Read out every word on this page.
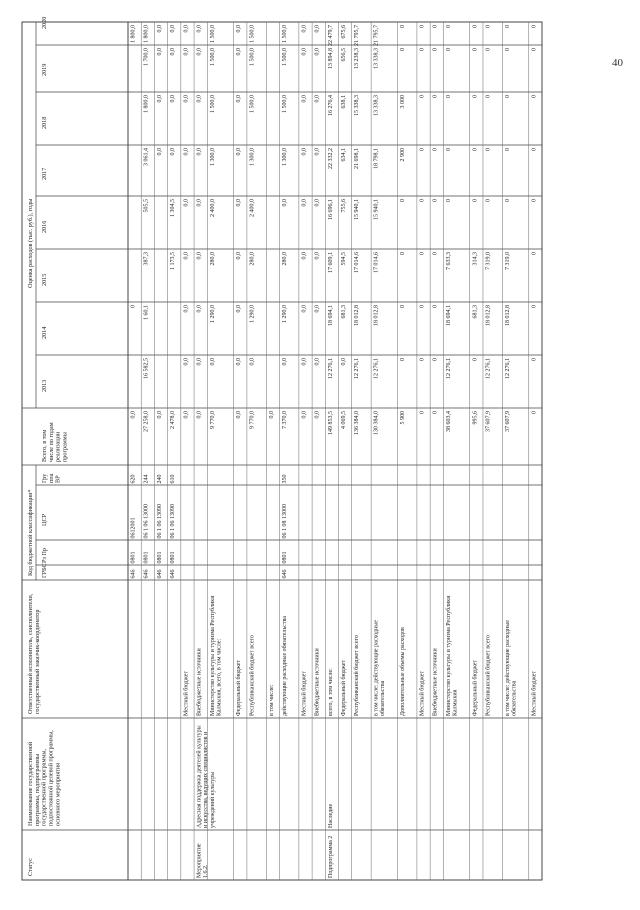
40
Статус
Наименование государственнойпрограммы, подпрограммыгосударственной программы,подпостоянной целевой программы,основного мероприятия
Ответственный исполнитель, соисполнители,государственный заказчик-координатор
Код бюджетной классификации* ГРБС
Рз Пр
ЦСР
ГруппаВР
Всего, в томчисле по годамреализациипрограммы
Оценка расходов (тыс. руб.), годы
2013
2014
2015
2016
2017
2018
2019
2020
646
0801
0612001
620
0,0
0
1 800,0
646
0801
06 1 06 13000
244
27 258,0
16 582,5
1 60,1
387,3
505,5
3 061,4
1 800,0
1 700,0
1 800,0
646
0801
06 1 06 13090
240
0,0
0,0
0,0
0,0
0,0
646
0801
06 1 06 13090
610
2 478,0
1 173,5
1 304,5
0,0
0,0
0,0
0,0
Местный бюджет
0,0
0,0
0,0
0,0
0,0
0,0
0,0
0,0
0,0
Мероприятие1.6.2.
Адресная поддержка деятелей культурыи искусства, ведущих специалистов иучреждений культуры
Внебюджетные источники
0,0
0,0
0,0
0,0
0,0
0,0
0,0
0,0
0,0
Министерство культуры и туризма РеспубликиКалмыкия, всего, в том числе:
9 770,0
0,0
1 290,0
280,0
2 400,0
1 300,0
1 500,0
1 500,0
1 500,0
Федеральный бюджет
0,0
0,0
0,0
0,0
0,0
0,0
0,0
0,0
0,0
Республиканский бюджет всего
9 770,0
0,0
1 290,0
280,0
2 400,0
1 300,0
1 500,0
1 500,0
1 500,0
в том числе:
0,0
действующие расходные обязательства
646
0801
06 1 08 13000
350
7 370,0
0,0
1 290,0
280,0
0,0
1 300,0
1 500,0
1 500,0
1 500,0
Местный бюджет
0,0
0,0
0,0
0,0
0,0
0,0
0,0
0,0
0,0
Внебюджетные источники
0,0
0,0
0,0
0,0
0,0
0,0
0,0
0,0
0,0
Подпрограмма 2
Наследие
всего, в том числе:
149 853,5
12 276,1
18 694,1
17 609,1
16 696,1
22 332,2
16 276,4
13 894,8
22 479,7
Федеральный бюджет
4 069,5
0,0
681,3
594,5
755,6
634,1
638,1
656,5
675,6
Республиканский бюджет всего
136 384,0
12 276,1
18 012,8
17 014,6
15 940,1
21 698,1
15 338,3
13 238,3
21 795,7
в том числе: действующие расходныеобязательства
130 384,0
12 276,1
18 012,8
17 014,6
15 940,1
18 798,1
13 338,3
13 338,3
21 795,7
Дополнительные объемы расходов
5 900
0
0
0
0
2 900
3 000
0
0
Местный бюджет
0
0
0
0
0
0
0
0
0
Внебюджетные источники
0
0
0
0
0
0
0
0
0
Министерство культуры и туризма РеспубликиКалмыкия
38 603,4
12 276,1
18 694,1
7 633,3
0
0
0
0
0
Федеральный бюджет
995,6
0
681,3
314,3
0
0
0
0
0
Республиканский бюджет всего
37 607,9
12 276,1
18 012,8
7 319,0
0
0
0
0
0
в том числе: действующие расходныеобязательства
37 607,9
12 276,1
18 012,8
7 319,0
0
0
0
0
0
Местный бюджет
0
0
0
0
0
0
0
0
0
